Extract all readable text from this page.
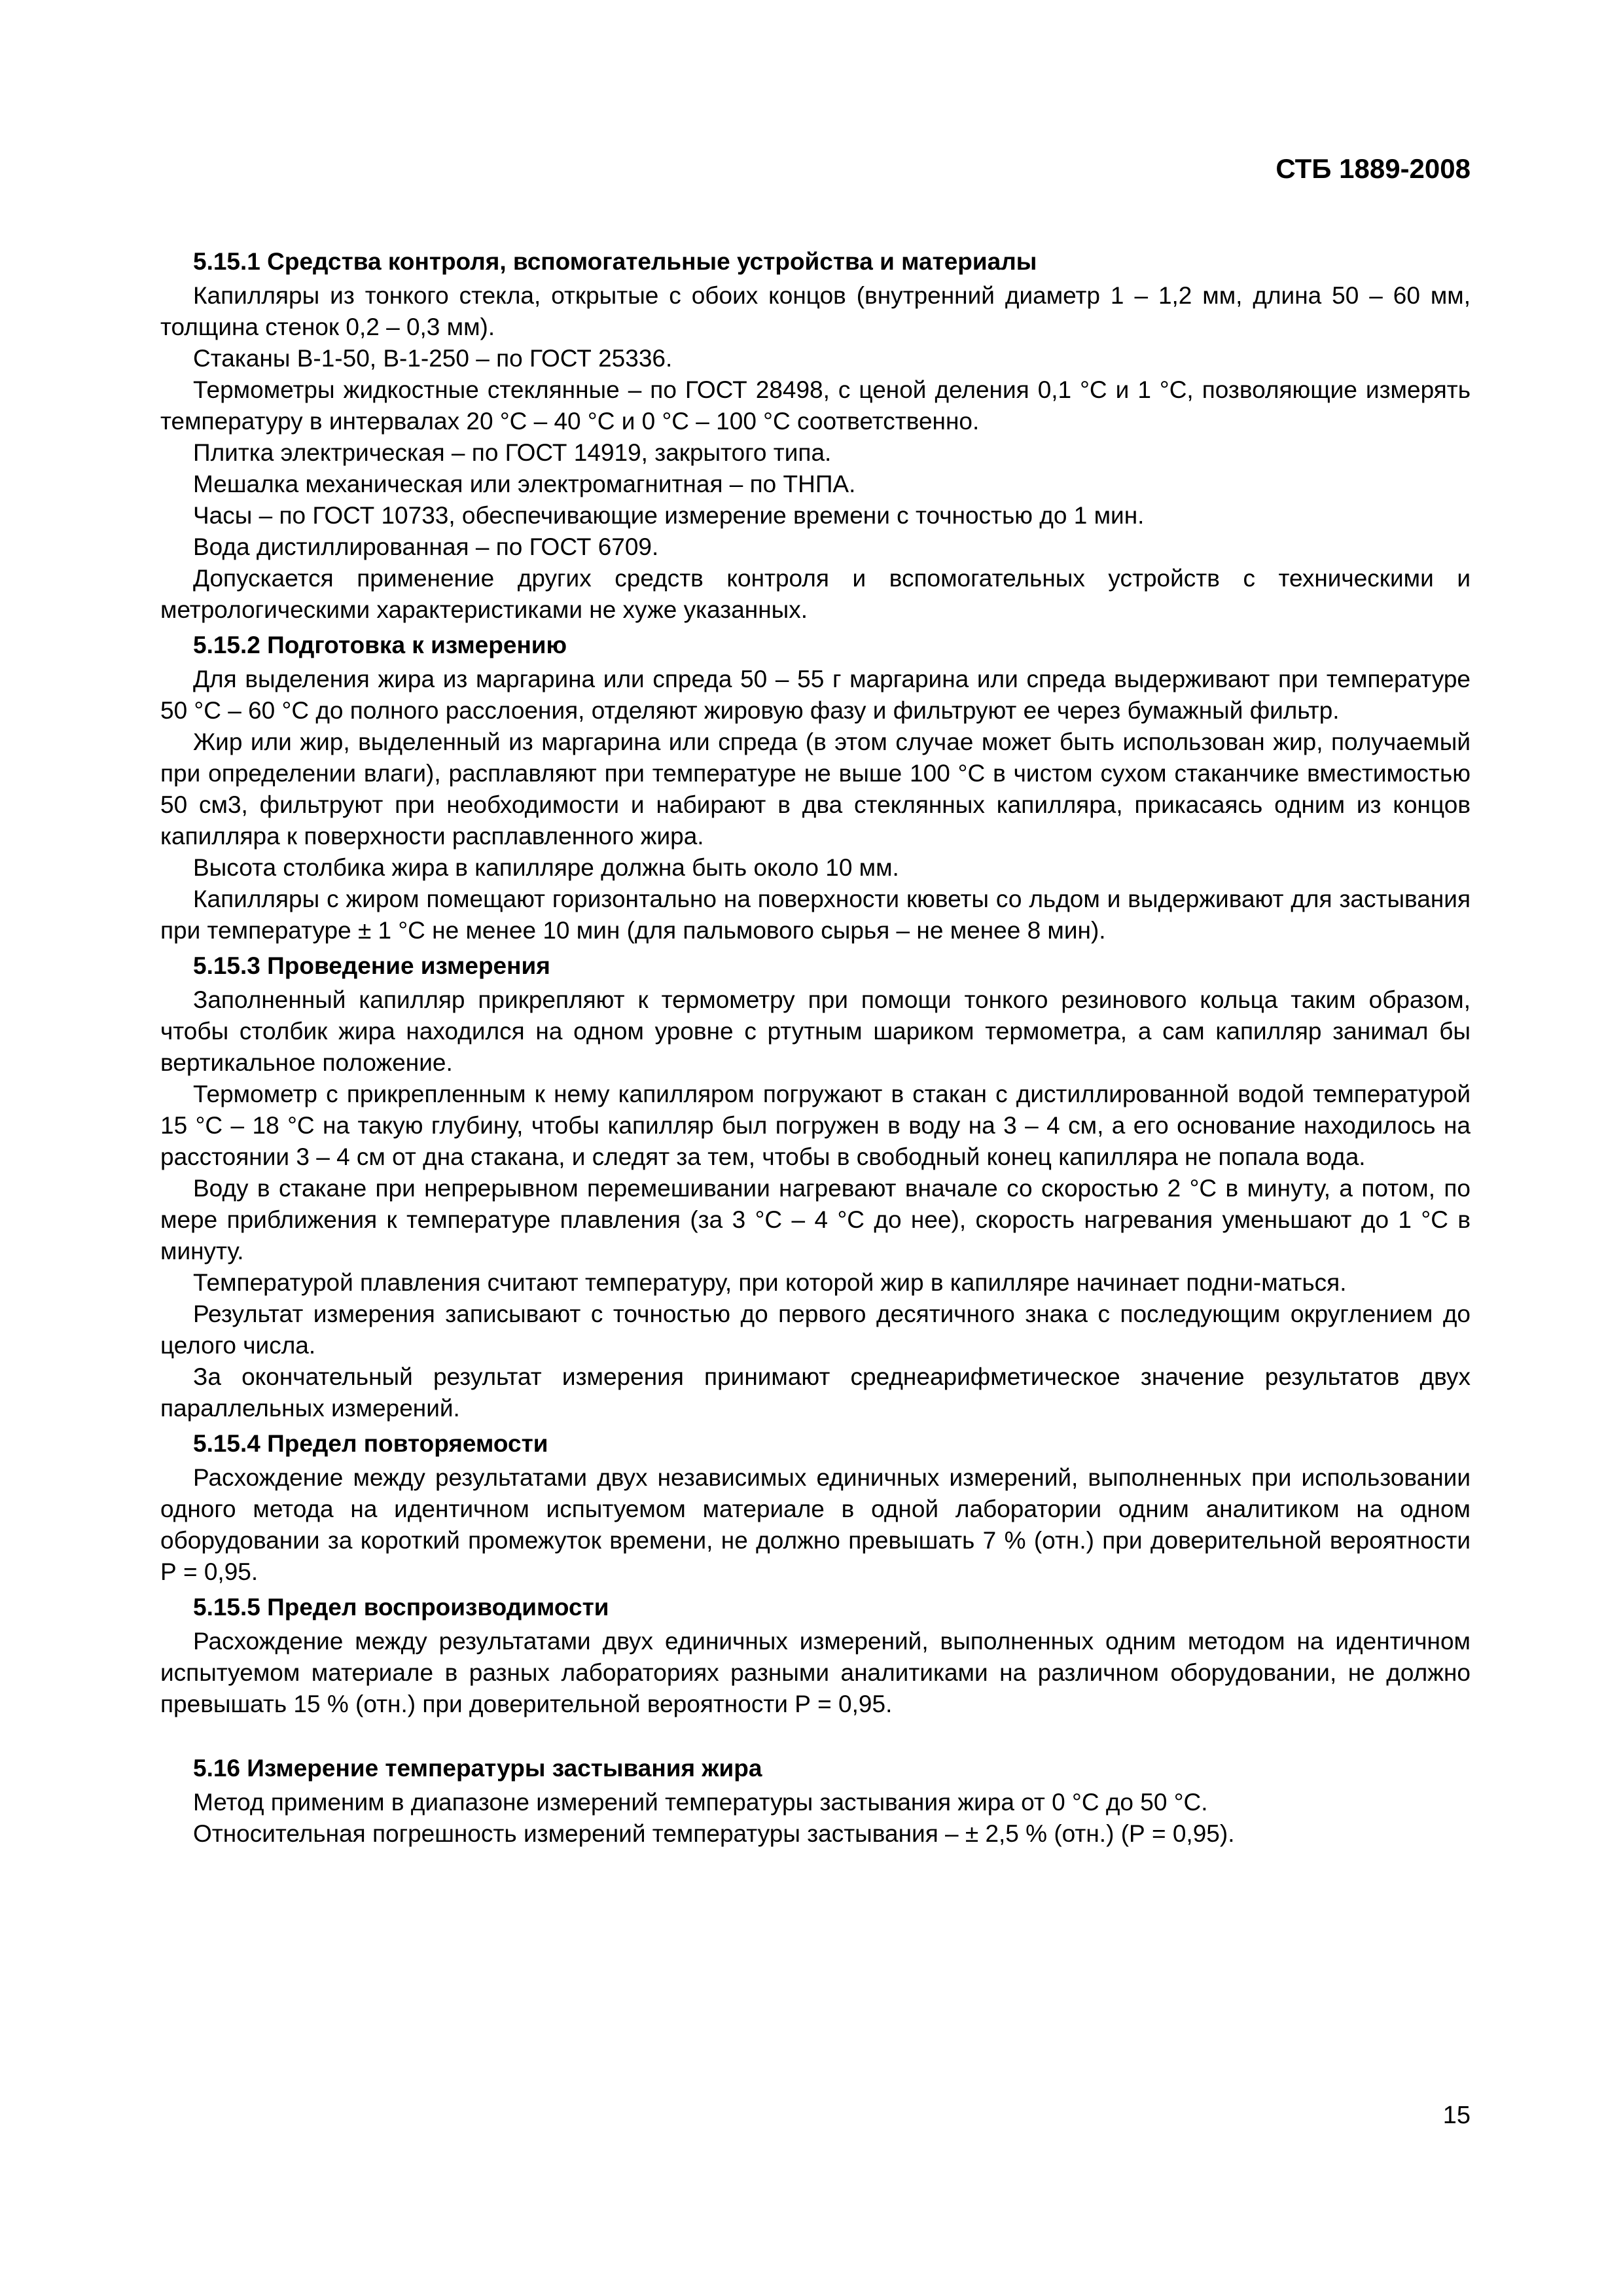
СТБ 1889-2008
5.15.1 Средства контроля, вспомогательные устройства и материалы

Капилляры из тонкого стекла, открытые с обоих концов (внутренний диаметр 1 – 1,2 мм, длина 50 – 60 мм, толщина стенок 0,2 – 0,3 мм).

Стаканы В-1-50, В-1-250 – по ГОСТ 25336.

Термометры жидкостные стеклянные – по ГОСТ 28498, с ценой деления 0,1 °С и 1 °С, позволяющие измерять температуру в интервалах 20 °С – 40 °С и 0 °С – 100 °С соответственно.

Плитка электрическая – по ГОСТ 14919, закрытого типа.

Мешалка механическая или электромагнитная – по ТНПА.

Часы – по ГОСТ 10733, обеспечивающие измерение времени с точностью до 1 мин.

Вода дистиллированная – по ГОСТ 6709.

Допускается применение других средств контроля и вспомогательных устройств с техническими и метрологическими характеристиками не хуже указанных.

5.15.2 Подготовка к измерению

Для выделения жира из маргарина или спреда 50 – 55 г маргарина или спреда выдерживают при температуре 50 °С – 60 °С до полного расслоения, отделяют жировую фазу и фильтруют ее через бумажный фильтр.

Жир или жир, выделенный из маргарина или спреда (в этом случае может быть использован жир, получаемый при определении влаги), расплавляют при температуре не выше 100 °С в чистом сухом стаканчике вместимостью 50 см3, фильтруют при необходимости и набирают в два стеклянных капилляра, прикасаясь одним из концов капилляра к поверхности расплавленного жира.

Высота столбика жира в капилляре должна быть около 10 мм.

Капилляры с жиром помещают горизонтально на поверхности кюветы со льдом и выдерживают для застывания при температуре ± 1 °С не менее 10 мин (для пальмового сырья – не менее 8 мин).

5.15.3 Проведение измерения

Заполненный капилляр прикрепляют к термометру при помощи тонкого резинового кольца таким образом, чтобы столбик жира находился на одном уровне с ртутным шариком термометра, а сам капилляр занимал бы вертикальное положение.

Термометр с прикрепленным к нему капилляром погружают в стакан с дистиллированной водой температурой 15 °С – 18 °С на такую глубину, чтобы капилляр был погружен в воду на 3 – 4 см, а его основание находилось на расстоянии 3 – 4 см от дна стакана, и следят за тем, чтобы в свободный конец капилляра не попала вода.

Воду в стакане при непрерывном перемешивании нагревают вначале со скоростью 2 °С в минуту, а потом, по мере приближения к температуре плавления (за 3 °С – 4 °С до нее), скорость нагревания уменьшают до 1 °С в минуту.

Температурой плавления считают температуру, при которой жир в капилляре начинает подни-маться.

Результат измерения записывают с точностью до первого десятичного знака с последующим округлением до целого числа.

За окончательный результат измерения принимают среднеарифметическое значение результатов двух параллельных измерений.

5.15.4 Предел повторяемости

Расхождение между результатами двух независимых единичных измерений, выполненных при использовании одного метода на идентичном испытуемом материале в одной лаборатории одним аналитиком на одном оборудовании за короткий промежуток времени, не должно превышать 7 % (отн.) при доверительной вероятности Р = 0,95.

5.15.5 Предел воспроизводимости

Расхождение между результатами двух единичных измерений, выполненных одним методом на идентичном испытуемом материале в разных лабораториях разными аналитиками на различном оборудовании, не должно превышать 15 % (отн.) при доверительной вероятности Р = 0,95.

5.16 Измерение температуры застывания жира

Метод применим в диапазоне измерений температуры застывания жира от 0 °С до 50 °С.

Относительная погрешность измерений температуры застывания – ± 2,5 % (отн.) (Р = 0,95).

15
